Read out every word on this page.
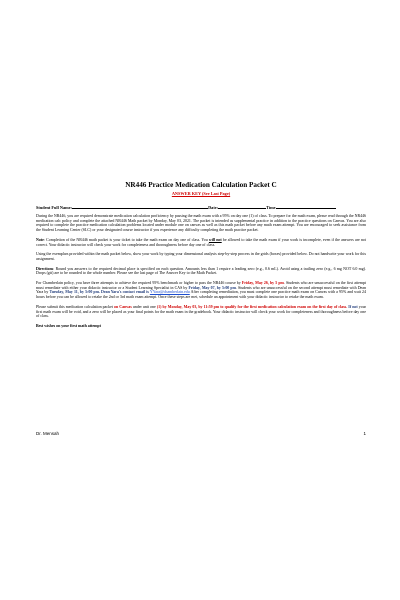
NR446 Practice Medication Calculation Packet C
ANSWER KEY (See Last Page)
Student Full Name:	Date:	Time

During the NR446, you are required demonstrate medication calculation proficiency by passing the math exam with a 95% on day one (1) of class. To prepare for the math exam, please read through the NR446 medication calc policy and complete the attached NR446 Math packet by Monday, May 03, 2021. The packet is intended as supplemental practice in addition to the practice questions on Canvas. You are also required to complete the practice medication calculation problems located under module one on canvas as well as this math packet before any math exam attempt. You are encouraged to seek assistance from the Student Learning Center (SLC) or your designated course instructor if you experience any difficulty completing the math practice packet.

Note: Completion of the NR446 math packet is your ticket to take the math exam on day one of class. You will not be allowed to take the math exam if your work is incomplete, even if the answers are not correct. Your didactic instructor will check your work for completeness and thoroughness before day one of class.

Using the exemplars provided within the math packet below, show your work by typing your dimensional analysis step-by-step process in the grids (boxes) provided below. Do not handwrite your work for this assignment.

Directions: Round you answers to the required decimal place is specified on each question. Amounts less than 1 require a leading zero (e.g., 0.6 mL). Avoid using a trailing zero (e.g., 6 mg NOT 6.0 mg). Drops (gtt) are to be rounded to the whole number. Please see the last page of The Answer Key to the Math Packet.

For Chamberlain policy, you have three attempts to achieve the required 95% benchmark or higher to pass the NR446 course by Friday, May 26, by 5 pm. Students who are unsuccessful on the first attempt must remediate with either your didactic instructor or a Student Learning Specialist in CAS by Friday, May 07, by 5:00 pm. Students who are unsuccessful on the second attempt must remediate with Dean Yara by Tuesday, May 11, by 5:00 pm. Dean Yara's contact email is YYara@chamberlain.edu After completing remediation, you must complete one practice math exam on Canvas with a 95% and wait 24 hours before you can be allowed to retake the 2nd or 3rd math exam attempt. Once these steps are met, schedule an appointment with your didactic instructor to retake the math exam.

Please submit this medication calculation packet on Canvas under unit one (1) by Monday, May 03, by 11:59 pm to qualify for the first medication calculation exam on the first day of class. If not your first math exam will be void, and a zero will be placed as your final points for the math exam in the gradebook. Your didactic instructor will check your work for completeness and thoroughness before day one of class.

Best wishes on your first math attempt

Dr. Mensah	1
